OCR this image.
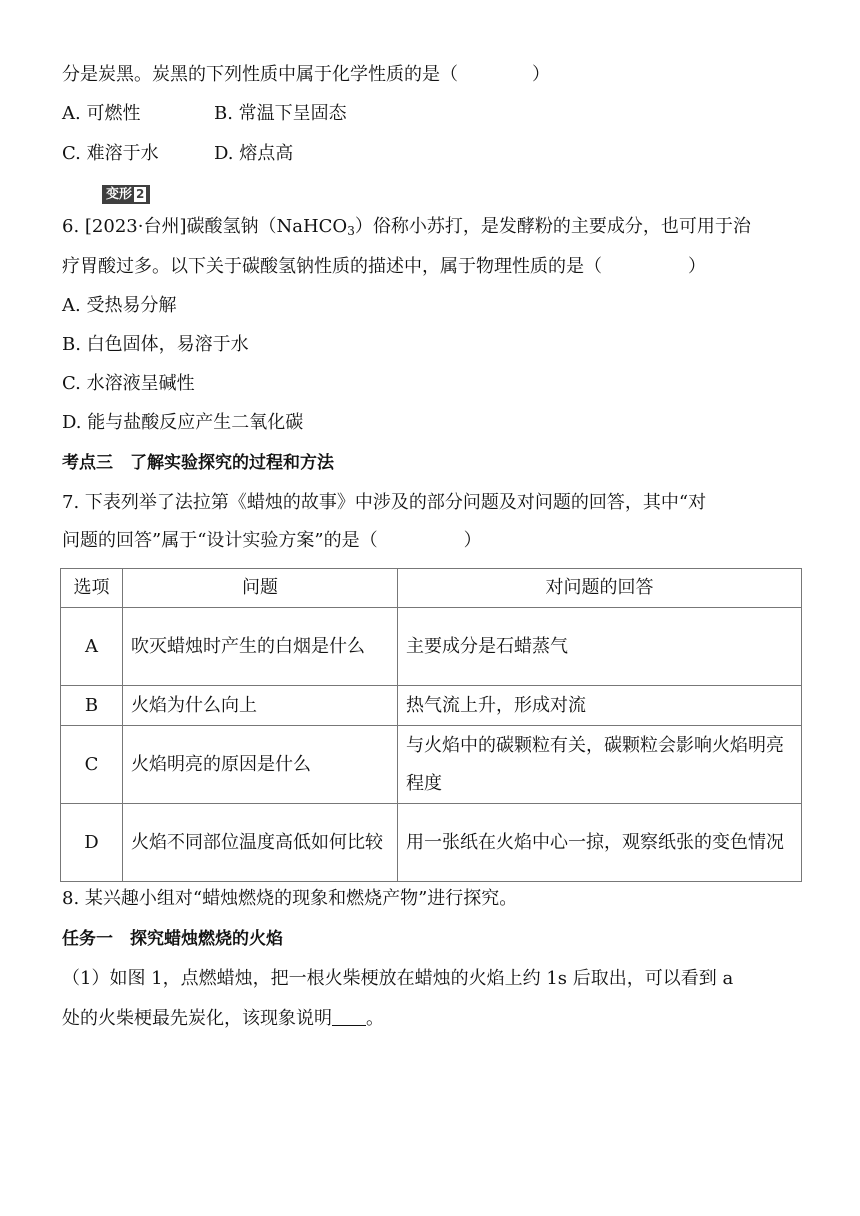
分是炭黑。炭黑的下列性质中属于化学性质的是（	）
A. 可燃性	B. 常温下呈固态
C. 难溶于水	D. 熔点高
变形 2
6. [2023·台州]碳酸氢钠（NaHCO$_3$）俗称小苏打，是发酵粉的主要成分，也可用于治
疗胃酸过多。以下关于碳酸氢钠性质的描述中，属于物理性质的是（	）
A. 受热易分解
B. 白色固体，易溶于水
C. 水溶液呈碱性
D. 能与盐酸反应产生二氧化碳
考点三　了解实验探究的过程和方法
7. 下表列举了法拉第《蜡烛的故事》中涉及的部分问题及对问题的回答，其中“对
问题的回答”属于“设计实验方案”的是（	）
选项	问题	对问题的回答
A	吹灭蜡烛时产生的白烟是什么	主要成分是石蜡蒸气
B	火焰为什么向上	热气流上升，形成对流
C	火焰明亮的原因是什么	与火焰中的碳颗粒有关，碳颗粒会影响火焰明亮程度
D	火焰不同部位温度高低如何比较	用一张纸在火焰中心一掠，观察纸张的变色情况
8. 某兴趣小组对“蜡烛燃烧的现象和燃烧产物”进行探究。
任务一　探究蜡烛燃烧的火焰
（1）如图 1，点燃蜡烛，把一根火柴梗放在蜡烛的火焰上约 1s 后取出，可以看到 a
处的火柴梗最先炭化，该现象说明 。
